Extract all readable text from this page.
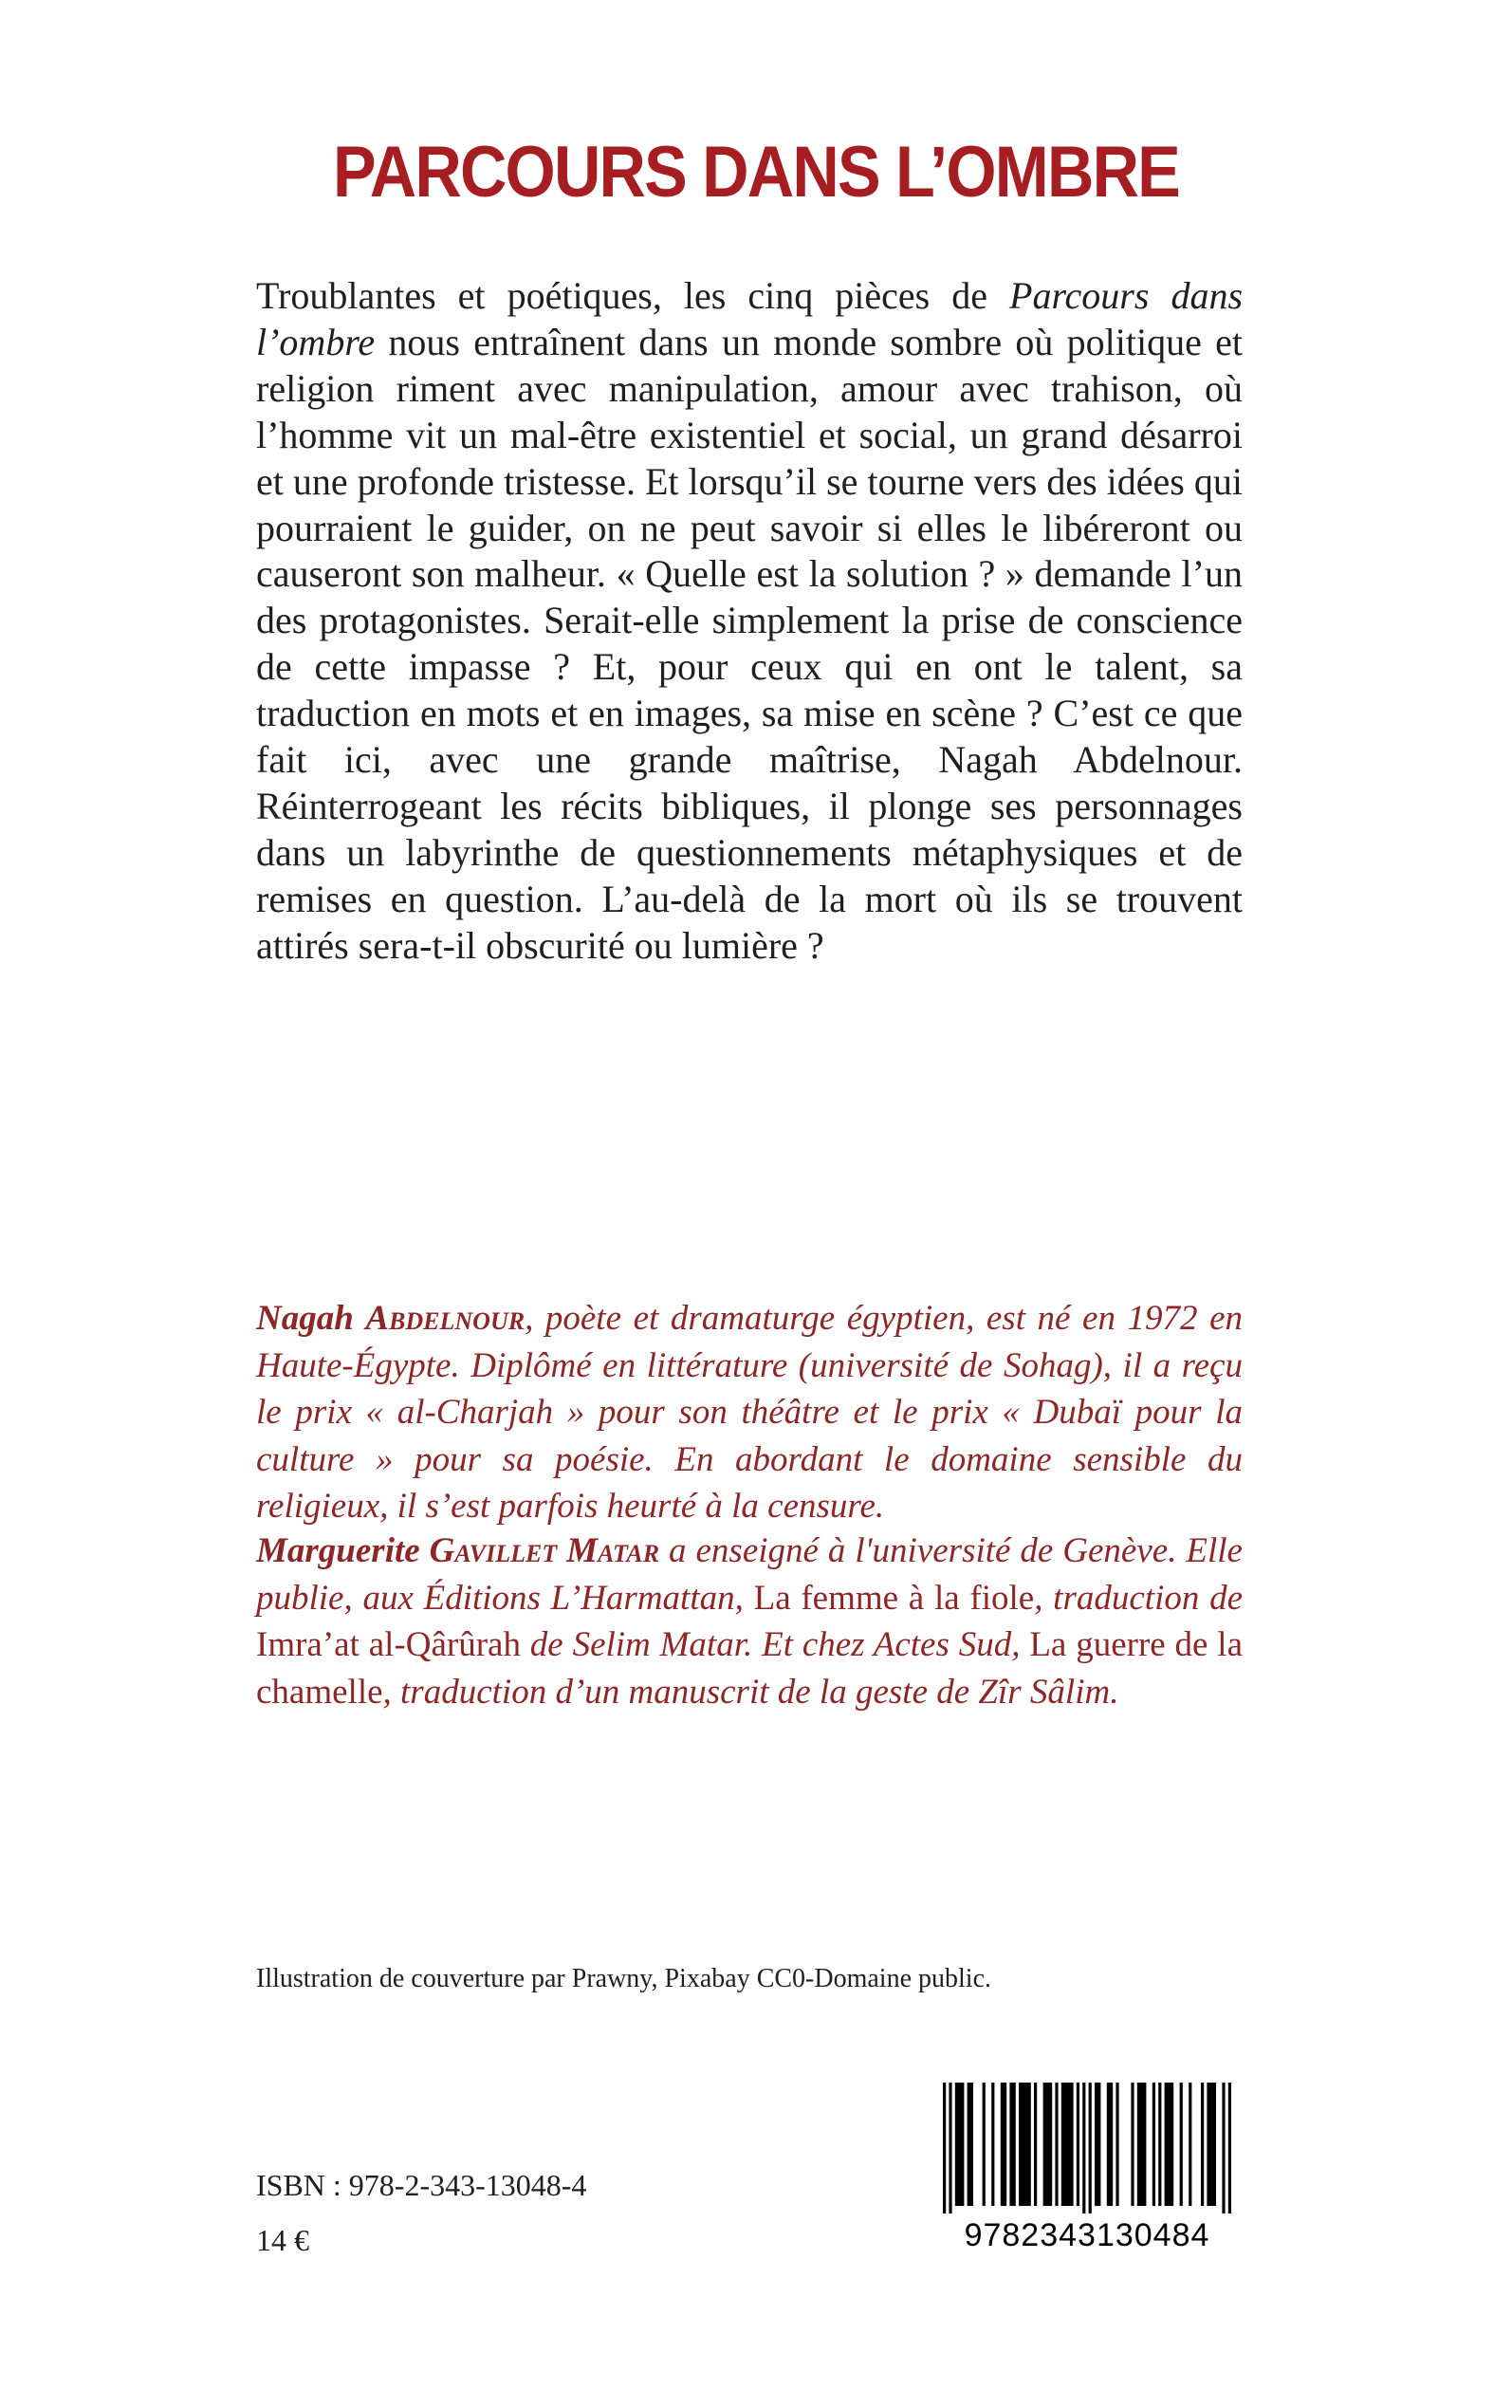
PARCOURS DANS L’OMBRE
Troublantes et poétiques, les cinq pièces de Parcours dans l’ombre nous entraînent dans un monde sombre où politique et religion riment avec manipulation, amour avec trahison, où l’homme vit un mal-être existentiel et social, un grand désarroi et une profonde tristesse. Et lorsqu’il se tourne vers des idées qui pourraient le guider, on ne peut savoir si elles le libéreront ou causeront son malheur. « Quelle est la solution ? » demande l’un des protagonistes. Serait-elle simplement la prise de conscience de cette impasse ? Et, pour ceux qui en ont le talent, sa traduction en mots et en images, sa mise en scène ? C’est ce que fait ici, avec une grande maîtrise, Nagah Abdelnour. Réinterrogeant les récits bibliques, il plonge ses personnages dans un labyrinthe de questionnements métaphysiques et de remises en question. L’au-delà de la mort où ils se trouvent attirés sera-t-il obscurité ou lumière ?
Nagah Abdelnour, poète et dramaturge égyptien, est né en 1972 en Haute-Égypte. Diplômé en littérature (université de Sohag), il a reçu le prix « al-Charjah » pour son théâtre et le prix « Dubaï pour la culture » pour sa poésie. En abordant le domaine sensible du religieux, il s’est parfois heurté à la censure.
Marguerite Gavillet Matar a enseigné à l'université de Genève. Elle publie, aux Éditions L’Harmattan, La femme à la fiole, traduction de Imra’at al-Qârûrah de Selim Matar. Et chez Actes Sud, La guerre de la chamelle, traduction d’un manuscrit de la geste de Zîr Sâlim.
Illustration de couverture par Prawny, Pixabay CC0-Domaine public.
ISBN : 978-2-343-13048-4
14 €	9782343130484
